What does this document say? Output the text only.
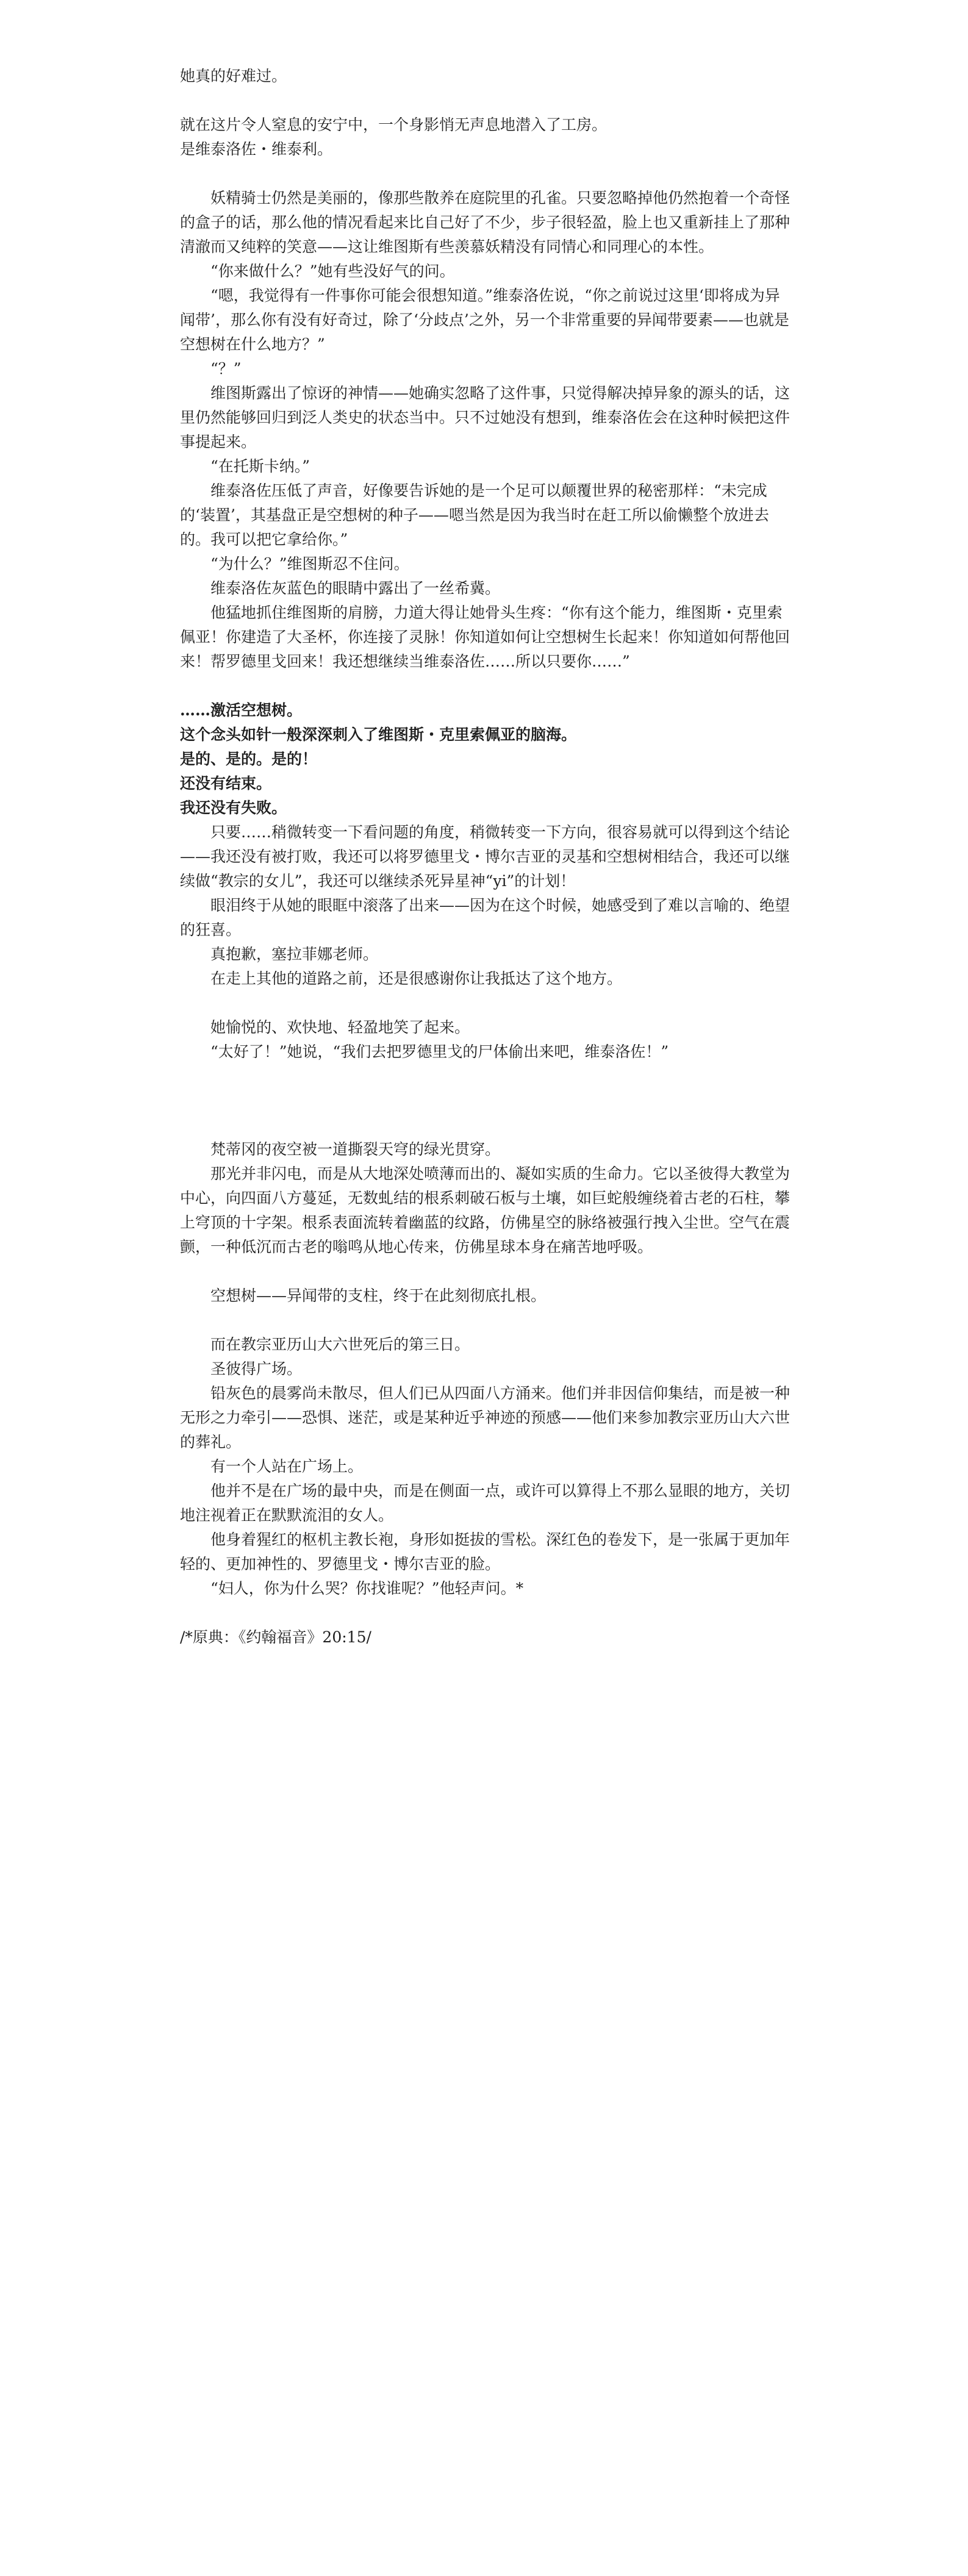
她真的好难过。

就在这片令人窒息的安宁中，一个身影悄无声息地潜入了工房。

是维泰洛佐・维泰利。

妖精骑士仍然是美丽的，像那些散养在庭院里的孔雀。只要忽略掉他仍然抱着一个奇怪的盒子的话，那么他的情况看起来比自己好了不少，步子很轻盈，脸上也又重新挂上了那种清澈而又纯粹的笑意——这让维图斯有些羡慕妖精没有同情心和同理心的本性。

“你来做什么？”她有些没好气的问。

“嗯，我觉得有一件事你可能会很想知道。”维泰洛佐说，“你之前说过这里‘即将成为异闻带’，那么你有没有好奇过，除了‘分歧点’之外，另一个非常重要的异闻带要素——也就是空想树在什么地方？”

“？”

维图斯露出了惊讶的神情——她确实忽略了这件事，只觉得解决掉异象的源头的话，这里仍然能够回归到泛人类史的状态当中。只不过她没有想到，维泰洛佐会在这种时候把这件事提起来。

“在托斯卡纳。”

维泰洛佐压低了声音，好像要告诉她的是一个足可以颠覆世界的秘密那样：“未完成的‘装置’，其基盘正是空想树的种子——嗯当然是因为我当时在赶工所以偷懒整个放进去的。我可以把它拿给你。”

“为什么？”维图斯忍不住问。

维泰洛佐灰蓝色的眼睛中露出了一丝希冀。

他猛地抓住维图斯的肩膀，力道大得让她骨头生疼：“你有这个能力，维图斯・克里索佩亚！你建造了大圣杯，你连接了灵脉！你知道如何让空想树生长起来！你知道如何帮他回来！帮罗德里戈回来！我还想继续当维泰洛佐……所以只要你……”

……激活空想树。

这个念头如针一般深深刺入了维图斯・克里索佩亚的脑海。

是的、是的。是的！

还没有结束。

我还没有失败。

只要……稍微转变一下看问题的角度，稍微转变一下方向，很容易就可以得到这个结论——我还没有被打败，我还可以将罗德里戈・博尔吉亚的灵基和空想树相结合，我还可以继续做“教宗的女儿”，我还可以继续杀死异星神“yi”的计划！

眼泪终于从她的眼眶中滚落了出来——因为在这个时候，她感受到了难以言喻的、绝望的狂喜。

真抱歉，塞拉菲娜老师。

在走上其他的道路之前，还是很感谢你让我抵达了这个地方。

她愉悦的、欢快地、轻盈地笑了起来。

“太好了！”她说，“我们去把罗德里戈的尸体偷出来吧，维泰洛佐！”

梵蒂冈的夜空被一道撕裂天穹的绿光贯穿。

那光并非闪电，而是从大地深处喷薄而出的、凝如实质的生命力。它以圣彼得大教堂为中心，向四面八方蔓延，无数虬结的根系刺破石板与土壤，如巨蛇般缠绕着古老的石柱，攀上穹顶的十字架。根系表面流转着幽蓝的纹路，仿佛星空的脉络被强行拽入尘世。空气在震颤，一种低沉而古老的嗡鸣从地心传来，仿佛星球本身在痛苦地呼吸。

空想树——异闻带的支柱，终于在此刻彻底扎根。

而在教宗亚历山大六世死后的第三日。

圣彼得广场。

铅灰色的晨雾尚未散尽，但人们已从四面八方涌来。他们并非因信仰集结，而是被一种无形之力牵引——恐惧、迷茫，或是某种近乎神迹的预感——他们来参加教宗亚历山大六世的葬礼。

有一个人站在广场上。

他并不是在广场的最中央，而是在侧面一点，或许可以算得上不那么显眼的地方，关切地注视着正在默默流泪的女人。

他身着猩红的枢机主教长袍，身形如挺拔的雪松。深红色的卷发下，是一张属于更加年轻的、更加神性的、罗德里戈・博尔吉亚的脸。

“妇人，你为什么哭？你找谁呢？”他轻声问。*

/*原典：《约翰福音》20:15/
